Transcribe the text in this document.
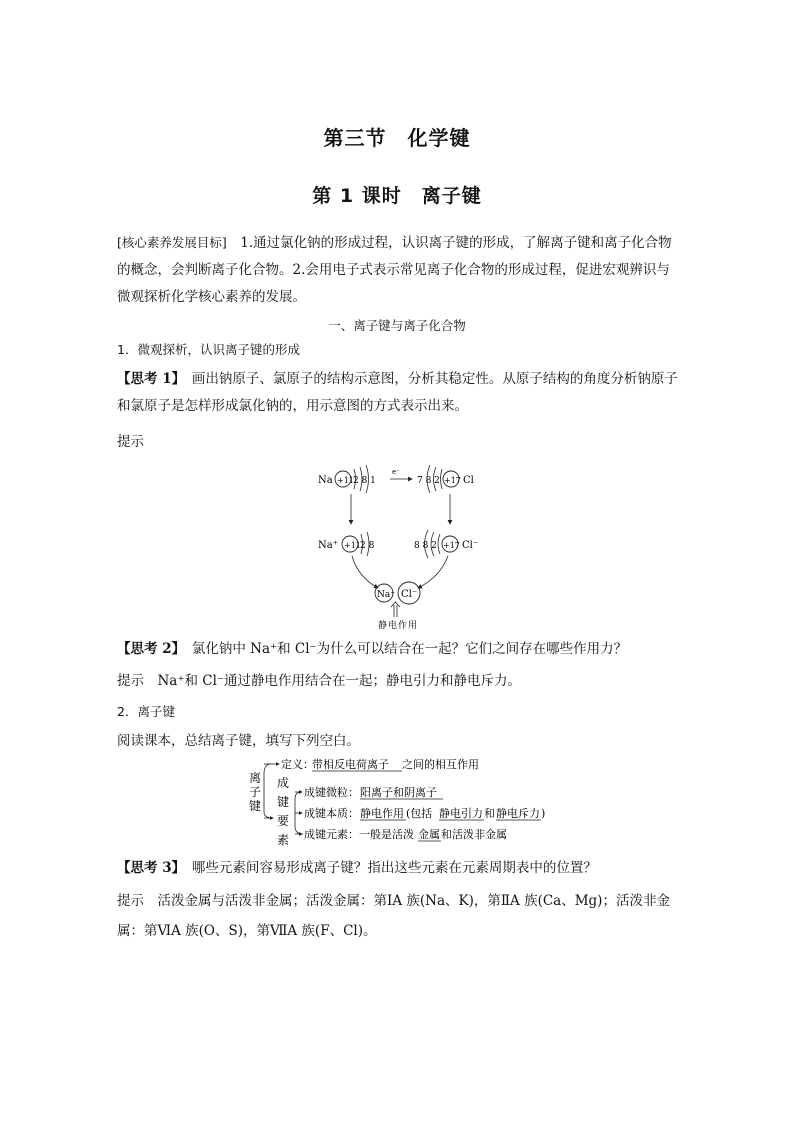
第三节　化学键
第 1 课时　离子键
[核心素养发展目标]　1.通过氯化钠的形成过程，认识离子键的形成，了解离子键和离子化合物的概念，会判断离子化合物。2.会用电子式表示常见离子化合物的形成过程，促进宏观辨识与微观探析化学核心素养的发展。
一、离子键与离子化合物
1．微观探析，认识离子键的形成
【思考 1】　画出钠原子、氯原子的结构示意图，分析其稳定性。从原子结构的角度分析钠原子和氯原子是怎样形成氯化钠的，用示意图的方式表示出来。
提示
Na +11 2 8 1
e⁻
7 8 2 +17 Cl
Na⁺ +11 2 8	8 8 2 +17 Cl⁻
Na⁺ Cl⁻
静电作用
【思考 2】　氯化钠中 Na⁺和 Cl⁻为什么可以结合在一起？它们之间存在哪些作用力？
提示　Na⁺和 Cl⁻通过静电作用结合在一起；静电引力和静电斥力。
2．离子键
阅读课本，总结离子键，填写下列空白。
离
子
键
定义：
带相反电荷离子 之间的相互作用
成
键
要
素
成键微粒： 阳离子和阴离子
成键本质： 静电作用 (包括 静电引力 和 静电斥力 )
成键元素：一般是活泼 金属 和活泼非金属
【思考 3】　哪些元素间容易形成离子键？指出这些元素在元素周期表中的位置？
提示　活泼金属与活泼非金属；活泼金属：第ⅠA 族(Na、K)，第ⅡA 族(Ca、Mg)；活泼非金属：第ⅥA 族(O、S)，第ⅦA 族(F、Cl)。
